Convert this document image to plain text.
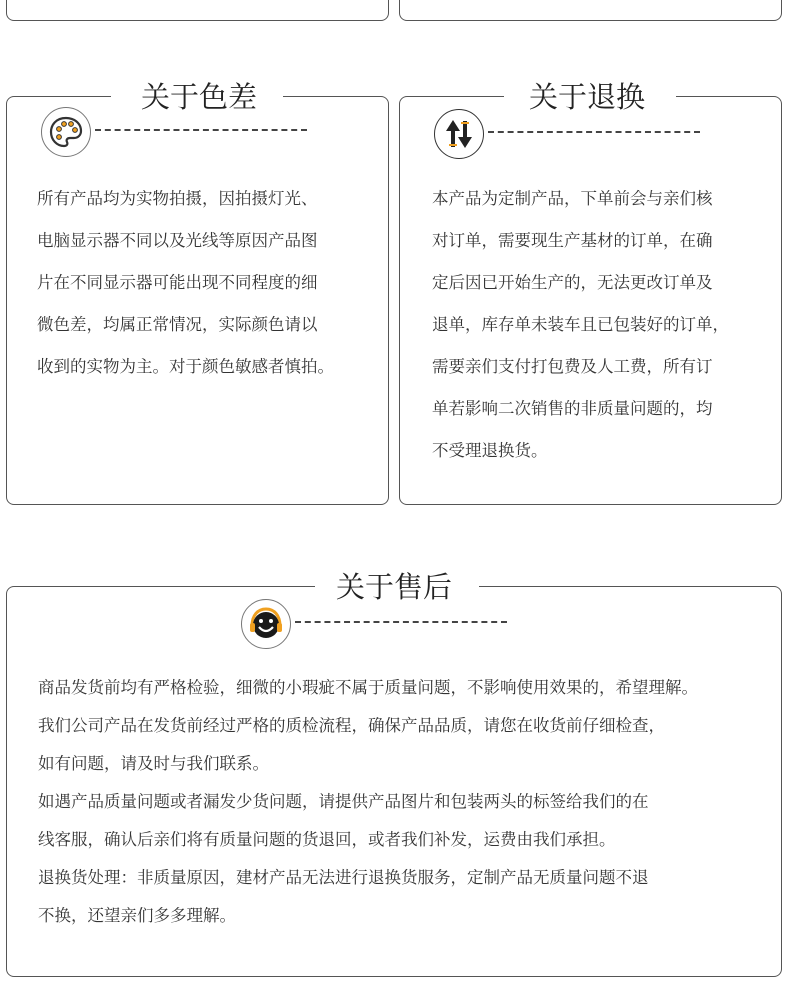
关于色差
所有产品均为实物拍摄，因拍摄灯光、
电脑显示器不同以及光线等原因产品图
片在不同显示器可能出现不同程度的细
微色差，均属正常情况，实际颜色请以
收到的实物为主。对于颜色敏感者慎拍。
关于退换
本产品为定制产品，下单前会与亲们核
对订单，需要现生产基材的订单，在确
定后因已开始生产的，无法更改订单及
退单，库存单未装车且已包装好的订单，
需要亲们支付打包费及人工费，所有订
单若影响二次销售的非质量问题的，均
不受理退换货。
关于售后
商品发货前均有严格检验，细微的小瑕疵不属于质量问题，不影响使用效果的，希望理解。
我们公司产品在发货前经过严格的质检流程，确保产品品质，请您在收货前仔细检查，
如有问题，请及时与我们联系。
如遇产品质量问题或者漏发少货问题，请提供产品图片和包装两头的标签给我们的在
线客服，确认后亲们将有质量问题的货退回，或者我们补发，运费由我们承担。
退换货处理：非质量原因，建材产品无法进行退换货服务，定制产品无质量问题不退
不换，还望亲们多多理解。
